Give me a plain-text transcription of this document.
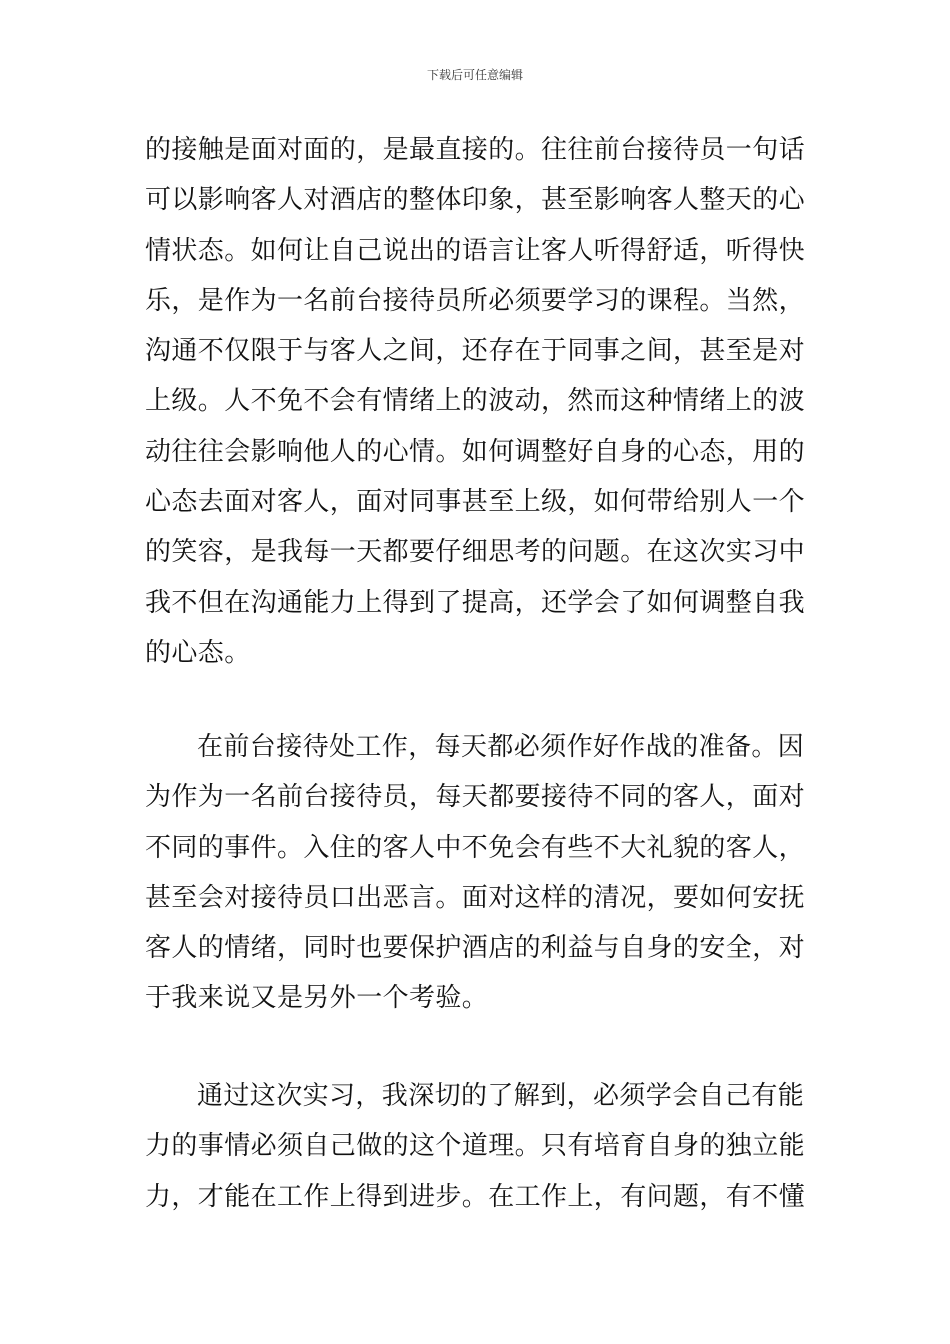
下载后可任意编辑
的接触是面对面的，是最直接的。往往前台接待员一句话
可以影响客人对酒店的整体印象，甚至影响客人整天的心
情状态。如何让自己说出的语言让客人听得舒适，听得快
乐，是作为一名前台接待员所必须要学习的课程。当然，
沟通不仅限于与客人之间，还存在于同事之间，甚至是对
上级。人不免不会有情绪上的波动，然而这种情绪上的波
动往往会影响他人的心情。如何调整好自身的心态，用的
心态去面对客人，面对同事甚至上级，如何带给别人一个
的笑容，是我每一天都要仔细思考的问题。在这次实习中
我不但在沟通能力上得到了提高，还学会了如何调整自我
的心态。
在前台接待处工作，每天都必须作好作战的准备。因
为作为一名前台接待员，每天都要接待不同的客人，面对
不同的事件。入住的客人中不免会有些不大礼貌的客人，
甚至会对接待员口出恶言。面对这样的清况，要如何安抚
客人的情绪，同时也要保护酒店的利益与自身的安全，对
于我来说又是另外一个考验。
通过这次实习，我深切的了解到，必须学会自己有能
力的事情必须自己做的这个道理。只有培育自身的独立能
力，才能在工作上得到进步。在工作上，有问题，有不懂
